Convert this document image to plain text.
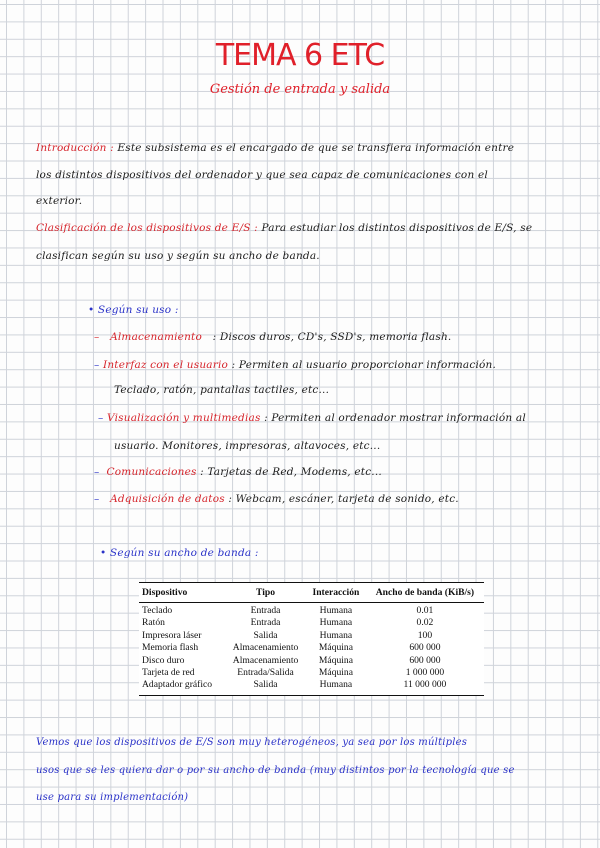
TEMA 6 ETC
Gestión de entrada y salida
Introducción : Este subsistema es el encargado de que se transfiera información entre
los distintos dispositivos del ordenador y que sea capaz de comunicaciones con el
exterior.
Clasificación de los dispositivos de E/S : Para estudiar los distintos dispositivos de E/S, se
clasifican según su uso y según su ancho de banda.
• Según su uso :
– Almacenamiento : Discos duros, CD's, SSD's, memoria flash.
– Interfaz con el usuario : Permiten al usuario proporcionar información.
Teclado, ratón, pantallas tactiles, etc...
– Visualización y multimedias : Permiten al ordenador mostrar información al
usuario. Monitores, impresoras, altavoces, etc...
– Comunicaciones : Tarjetas de Red, Modems, etc...
– Adquisición de datos : Webcam, escáner, tarjeta de sonido, etc.
• Según su ancho de banda :
Dispositivo	Tipo	Interacción	Ancho de banda (KiB/s)
Teclado	Entrada	Humana	0.01
Ratón	Entrada	Humana	0.02
Impresora láser	Salida	Humana	100
Memoria flash	Almacenamiento	Máquina	600 000
Disco duro	Almacenamiento	Máquina	600 000
Tarjeta de red	Entrada/Salida	Máquina	1 000 000
Adaptador gráfico	Salida	Humana	11 000 000
Vemos que los dispositivos de E/S son muy heterogéneos, ya sea por los múltiples
usos que se les quiera dar o por su ancho de banda (muy distintos por la tecnología que se
use para su implementación)
